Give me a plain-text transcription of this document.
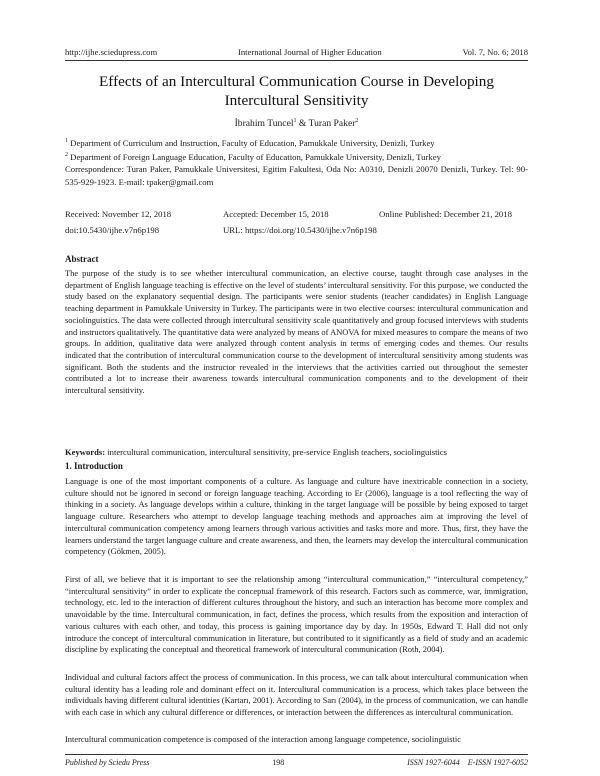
http://ijhe.sciedupress.com	International Journal of Higher Education	Vol. 7, No. 6; 2018
Effects of an Intercultural Communication Course in Developing
Intercultural Sensitivity
İbrahim Tuncel$^1$ & Turan Paker$^2$
$^1$ Department of Curriculum and Instruction, Faculty of Education, Pamukkale University, Denizli, Turkey
$^2$ Department of Foreign Language Education, Faculty of Education, Pamukkale University, Denizli, Turkey
Correspondence: Turan Paker, Pamukkale Universitesi, Egitim Fakultesi, Oda No: A0310, Denizli 20070 Denizli, Turkey. Tel: 90-535-929-1923. E-mail: tpaker@gmail.com
Received: November 12, 2018	Accepted: December 15, 2018	Online Published: December 21, 2018
doi:10.5430/ijhe.v7n6p198	URL: https://doi.org/10.5430/ijhe.v7n6p198
Abstract

The purpose of the study is to see whether intercultural communication, an elective course, taught through case analyses in the department of English language teaching is effective on the level of students’ intercultural sensitivity. For this purpose, we conducted the study based on the explanatory sequential design. The participants were senior students (teacher candidates) in English Language teaching department in Pamukkale University in Turkey. The participants were in two elective courses: intercultural communication and sociolinguistics. The data were collected through intercultural sensitivity scale quantitatively and group focused interviews with students and instructors qualitatively. The quantitative data were analyzed by means of ANOVA for mixed measures to compare the means of two groups. In addition, qualitative data were analyzed through content analysis in terms of emerging codes and themes. Our results indicated that the contribution of intercultural communication course to the development of intercultural sensitivity among students was significant. Both the students and the instructor revealed in the interviews that the activities carried out throughout the semester contributed a lot to increase their awareness towards intercultural communication components and to the development of their intercultural sensitivity.

Keywords: intercultural communication, intercultural sensitivity, pre-service English teachers, sociolinguistics
1. Introduction

Language is one of the most important components of a culture. As language and culture have inextricable connection in a society, culture should not be ignored in second or foreign language teaching. According to Er (2006), language is a tool reflecting the way of thinking in a society. As language develops within a culture, thinking in the target language will be possible by being exposed to target language culture. Researchers who attempt to develop language teaching methods and approaches aim at improving the level of intercultural communication competency among learners through various activities and tasks more and more. Thus, first, they have the learners understand the target language culture and create awareness, and then, the learners may develop the intercultural communication competency (Gökmen, 2005).

First of all, we believe that it is important to see the relationship among “intercultural communication,” “intercultural competency,” “intercultural sensitivity” in order to explicate the conceptual framework of this research. Factors such as commerce, war, immigration, technology, etc. led to the interaction of different cultures throughout the history, and such an interaction has become more complex and unavoidable by the time. Intercultural communication, in fact, defines the process, which results from the exposition and interaction of various cultures with each other, and today, this process is gaining importance day by day. In 1950s, Edward T. Hall did not only introduce the concept of intercultural communication in literature, but contributed to it significantly as a field of study and an academic discipline by explicating the conceptual and theoretical framework of intercultural communication (Roth, 2004).

Individual and cultural factors affect the process of communication. In this process, we can talk about intercultural communication when cultural identity has a leading role and dominant effect on it. Intercultural communication is a process, which takes place between the individuals having different cultural identities (Kartarı, 2001). According to Sarı (2004), in the process of communication, we can handle with each case in which any cultural difference or differences, or interaction between the differences as intercultural communication.

Intercultural communication competence is composed of the interaction among language competence, sociolinguistic

Published by Sciedu Press	198	ISSN 1927-6044 E-ISSN 1927-6052
